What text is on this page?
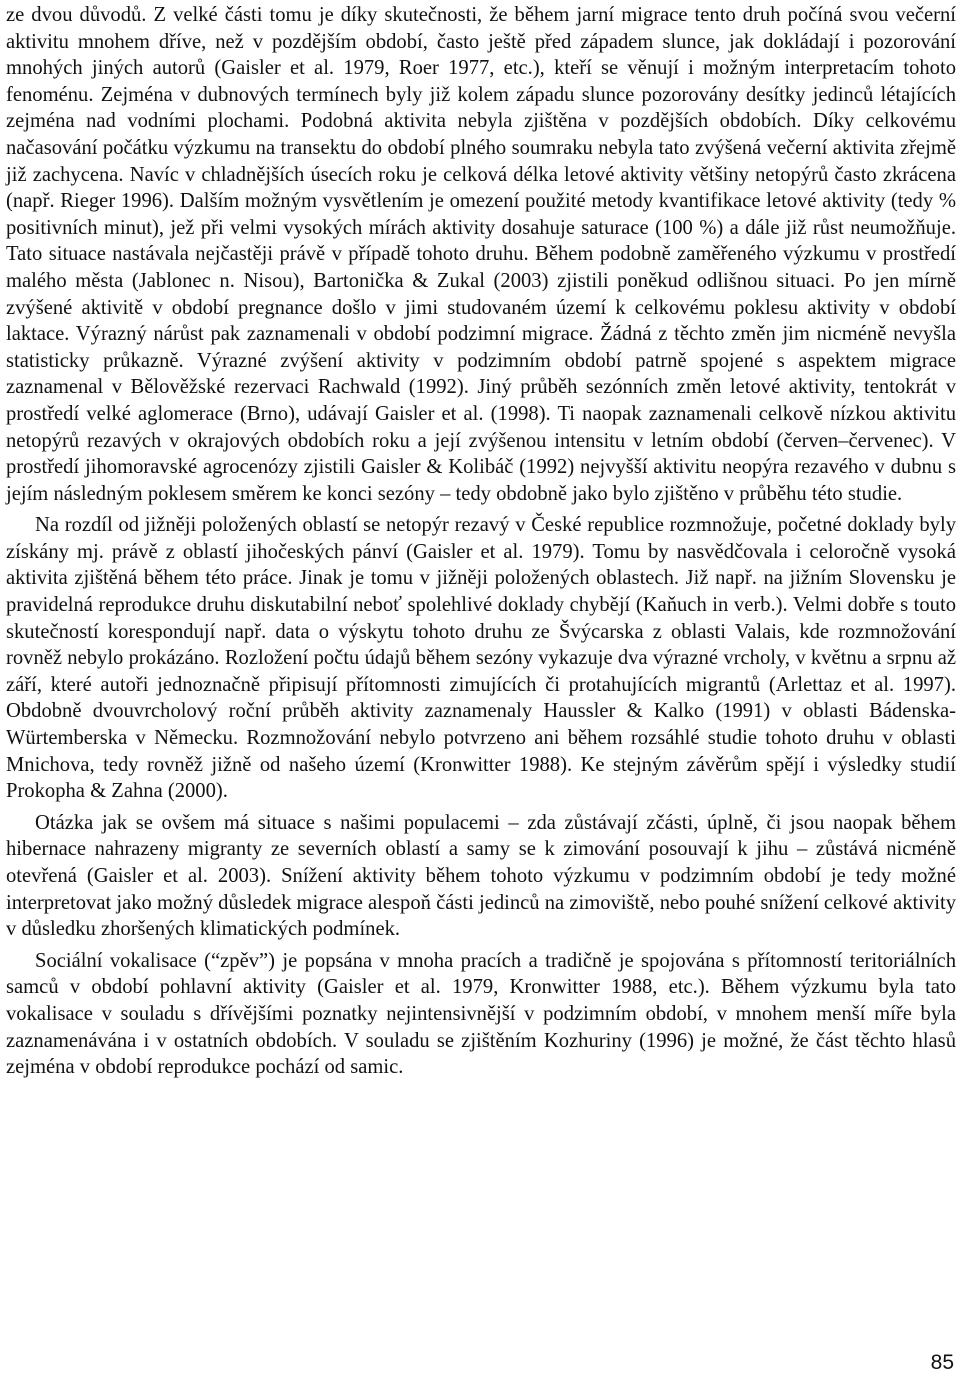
ze dvou důvodů. Z velké části tomu je díky skutečnosti, že během jarní migrace tento druh počíná svou večerní aktivitu mnohem dříve, než v pozdějším období, často ještě před západem slunce, jak dokládají i pozorování mnohých jiných autorů (Gaisler et al. 1979, Roer 1977, etc.), kteří se věnují i možným interpretacím tohoto fenoménu. Zejména v dubnových termínech byly již kolem západu slunce pozorovány desítky jedinců létajících zejména nad vodními plochami. Podobná aktivita nebyla zjištěna v pozdějších obdobích. Díky celkovému načasování počátku výzkumu na transektu do období plného soumraku nebyla tato zvýšená večerní aktivita zřejmě již zachycena. Navíc v chladnějších úsecích roku je celková délka letové aktivity většiny netopýrů často zkrácena (např. Rieger 1996). Dalším možným vysvětlením je omezení použité metody kvantifikace letové aktivity (tedy % positivních minut), jež při velmi vysokých mírách aktivity dosahuje saturace (100 %) a dále již růst neumožňuje. Tato situace nastávala nejčastěji právě v případě tohoto druhu. Během podobně zaměřeného výzkumu v prostředí malého města (Jablonec n. Nisou), Bartonička & Zukal (2003) zjistili poněkud odlišnou situaci. Po jen mírně zvýšené aktivitě v období pregnance došlo v jimi studovaném území k celkovému poklesu aktivity v období laktace. Výrazný nárůst pak zaznamenali v období podzimní migrace. Žádná z těchto změn jim nicméně nevyšla statisticky průkazně. Výrazné zvýšení aktivity v podzimním období patrně spojené s aspektem migrace zaznamenal v Bělověžské rezervaci Rachwald (1992). Jiný průběh sezónních změn letové aktivity, tentokrát v prostředí velké aglomerace (Brno), udávají Gaisler et al. (1998). Ti naopak zaznamenali celkově nízkou aktivitu netopýrů rezavých v okrajových obdobích roku a její zvýšenou intensitu v letním období (červen–červenec). V prostředí jihomoravské agrocenózy zjistili Gaisler & Kolibáč (1992) nejvyšší aktivitu neopýra rezavého v dubnu s jejím následným poklesem směrem ke konci sezóny – tedy obdobně jako bylo zjištěno v průběhu této studie.

Na rozdíl od jižněji položených oblastí se netopýr rezavý v České republice rozmnožuje, početné doklady byly získány mj. právě z oblastí jihočeských pánví (Gaisler et al. 1979). Tomu by nasvědčovala i celoročně vysoká aktivita zjištěná během této práce. Jinak je tomu v jižněji položených oblastech. Již např. na jižním Slovensku je pravidelná reprodukce druhu diskutabilní neboť spolehlivé doklady chybějí (Kaňuch in verb.). Velmi dobře s touto skutečností korespondují např. data o výskytu tohoto druhu ze Švýcarska z oblasti Valais, kde rozmnožování rovněž nebylo prokázáno. Rozložení počtu údajů během sezóny vykazuje dva výrazné vrcholy, v květnu a srpnu až září, které autoři jednoznačně připisují přítomnosti zimujících či protahujících migrantů (Arlettaz et al. 1997). Obdobně dvouvrcholový roční průběh aktivity zaznamenaly Haussler & Kalko (1991) v oblasti Bádenska-Würtemberska v Německu. Rozmnožování nebylo potvrzeno ani během rozsáhlé studie tohoto druhu v oblasti Mnichova, tedy rovněž jižně od našeho území (Kronwitter 1988). Ke stejným závěrům spějí i výsledky studií Prokopha & Zahna (2000).

Otázka jak se ovšem má situace s našimi populacemi – zda zůstávají zčásti, úplně, či jsou naopak během hibernace nahrazeny migranty ze severních oblastí a samy se k zimování posouvají k jihu – zůstává nicméně otevřená (Gaisler et al. 2003). Snížení aktivity během tohoto výzkumu v podzimním období je tedy možné interpretovat jako možný důsledek migrace alespoň části jedinců na zimoviště, nebo pouhé snížení celkové aktivity v důsledku zhoršených klimatických podmínek.

Sociální vokalisace (“zpěv”) je popsána v mnoha pracích a tradičně je spojována s přítomností teritoriálních samců v období pohlavní aktivity (Gaisler et al. 1979, Kronwitter 1988, etc.). Během výzkumu byla tato vokalisace v souladu s dřívějšími poznatky nejintensivnější v podzimním období, v mnohem menší míře byla zaznamenávána i v ostatních obdobích. V souladu se zjištěním Kozhuriny (1996) je možné, že část těchto hlasů zejména v období reprodukce pochází od samic.

85
